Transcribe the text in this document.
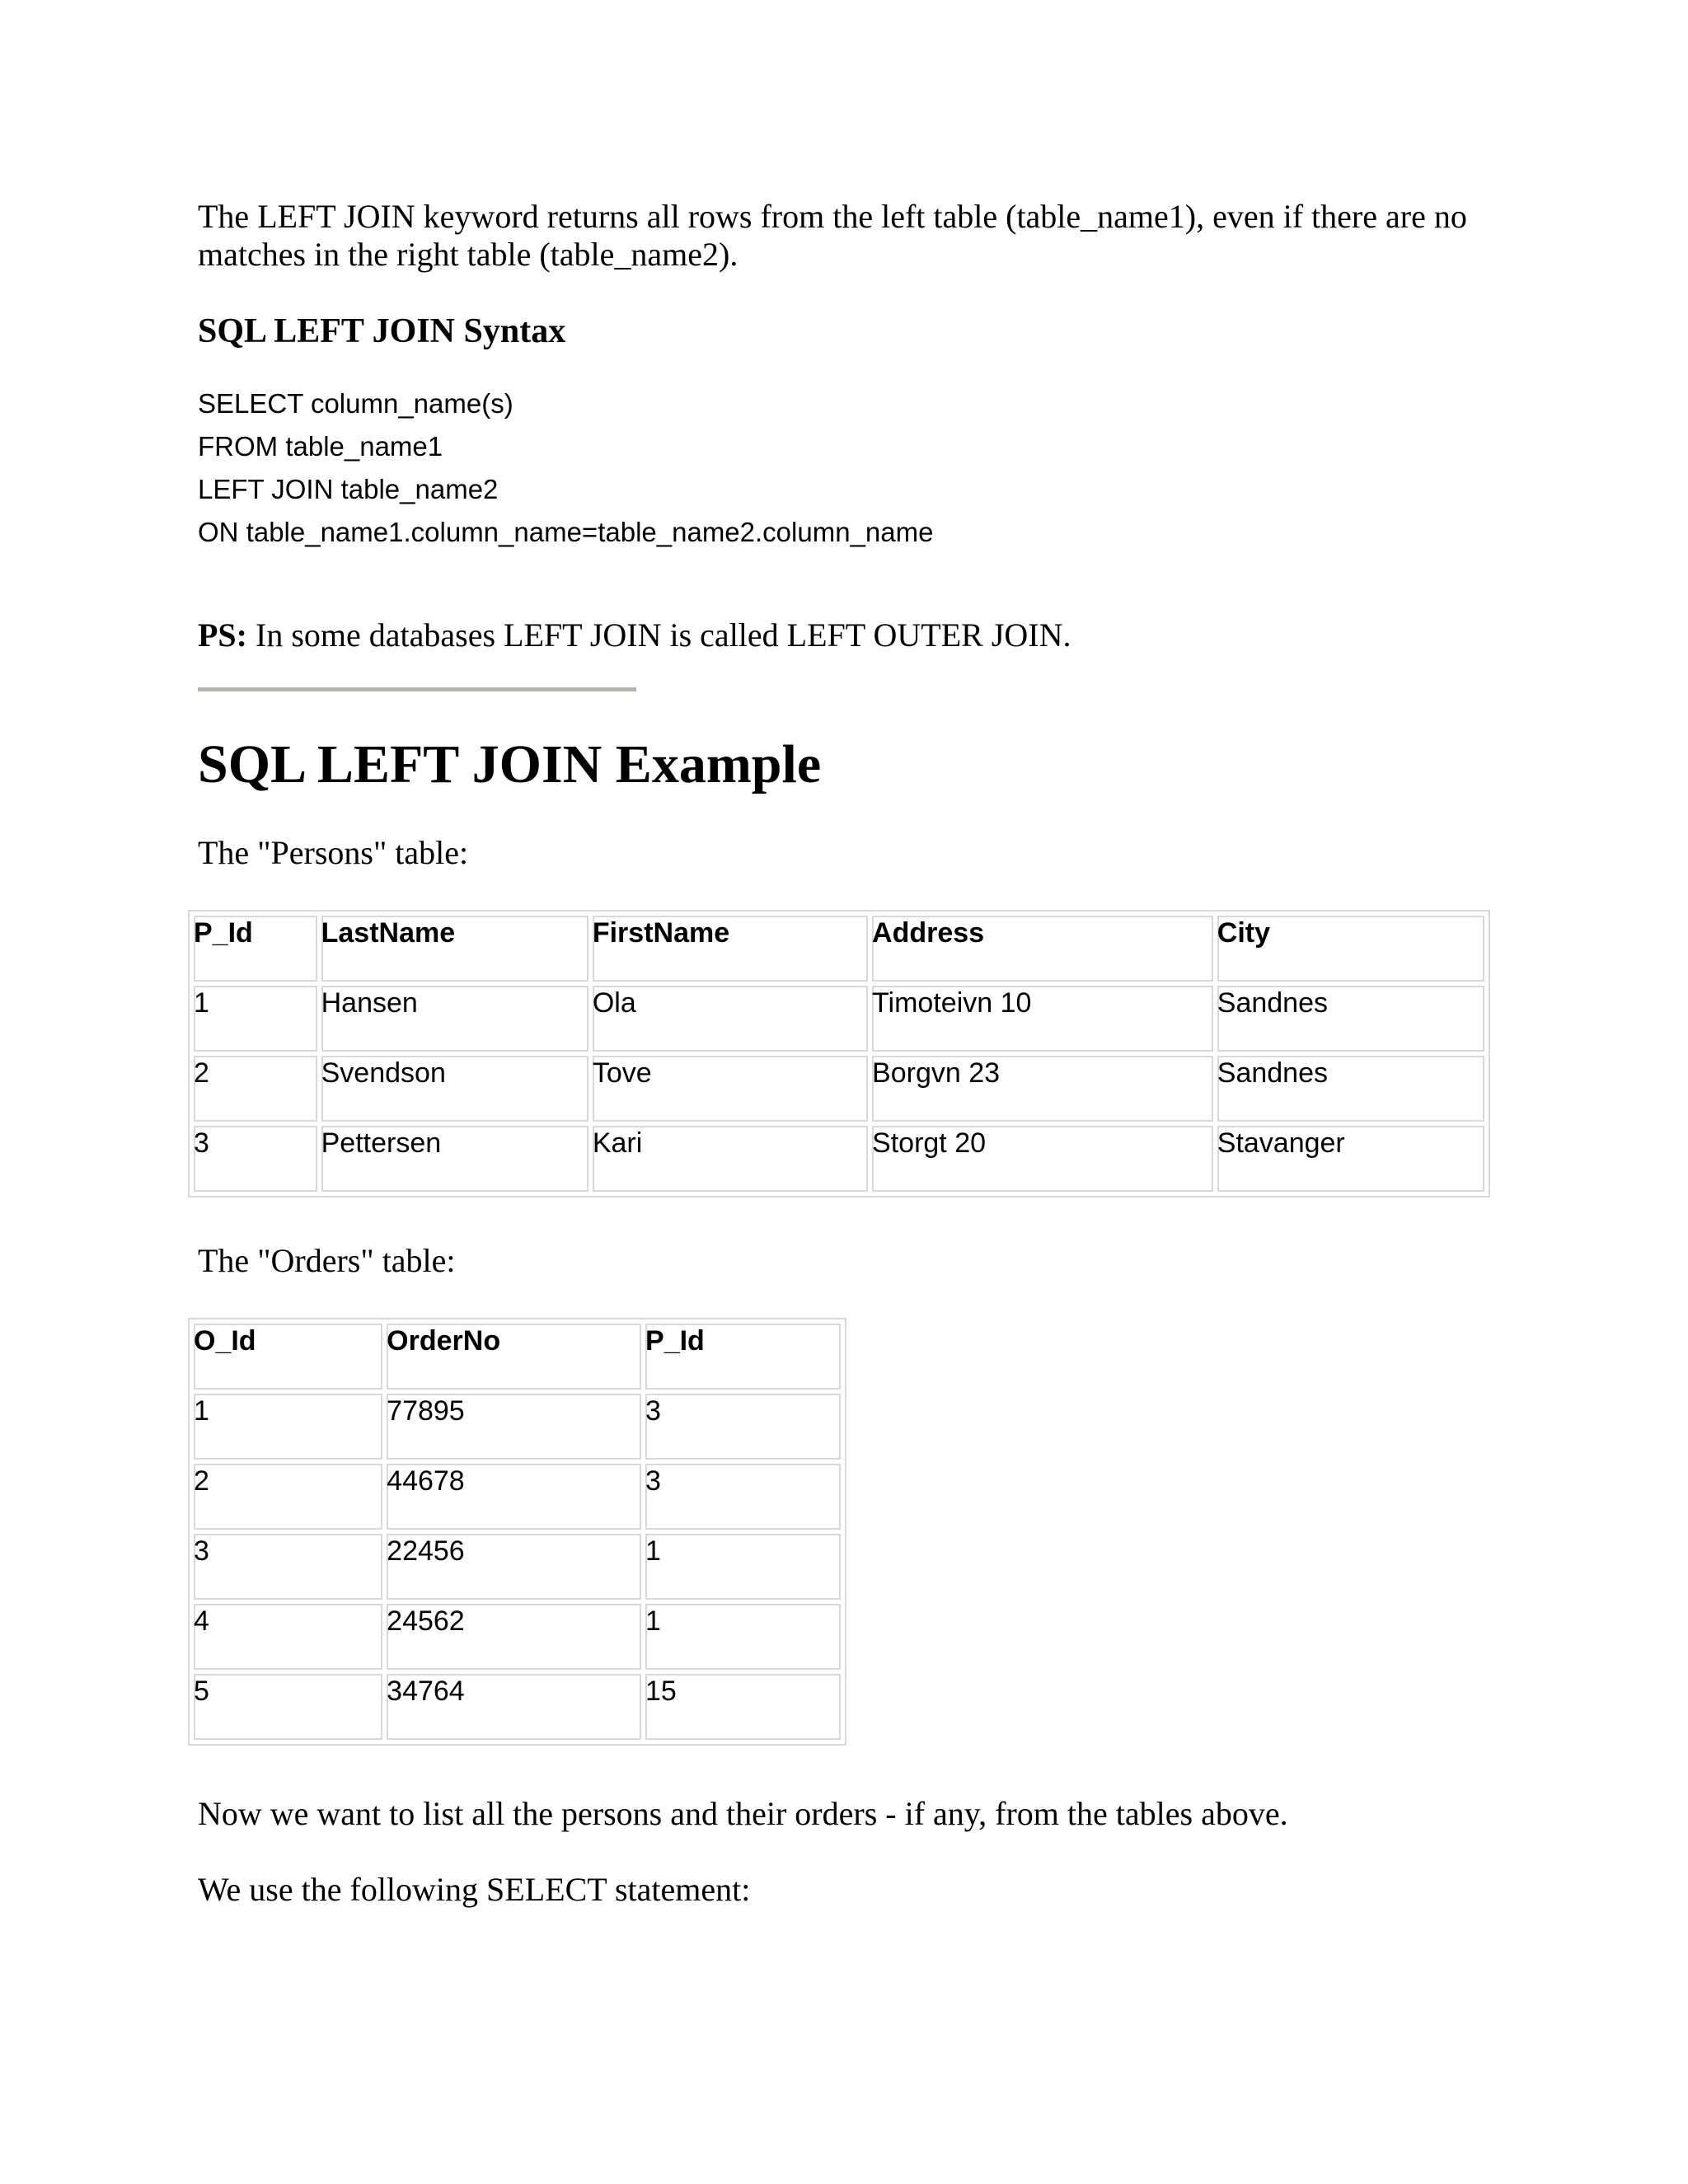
The LEFT JOIN keyword returns all rows from the left table (table_name1), even if there are no matches in the right table (table_name2).

SQL LEFT JOIN Syntax
SELECT column_name(s)
FROM table_name1
LEFT JOIN table_name2
ON table_name1.column_name=table_name2.column_name

PS: In some databases LEFT JOIN is called LEFT OUTER JOIN.

SQL LEFT JOIN Example

The "Persons" table:

P_Id	LastName	FirstName	Address	City

1	Hansen	Ola	Timoteivn 10	Sandnes

2	Svendson	Tove	Borgvn 23	Sandnes

3	Pettersen	Kari	Storgt 20	Stavanger

The "Orders" table:

O_Id	OrderNo	P_Id

1	77895	3

2	44678	3

3	22456	1

4	24562	1

5	34764	15

Now we want to list all the persons and their orders - if any, from the tables above.

We use the following SELECT statement:
